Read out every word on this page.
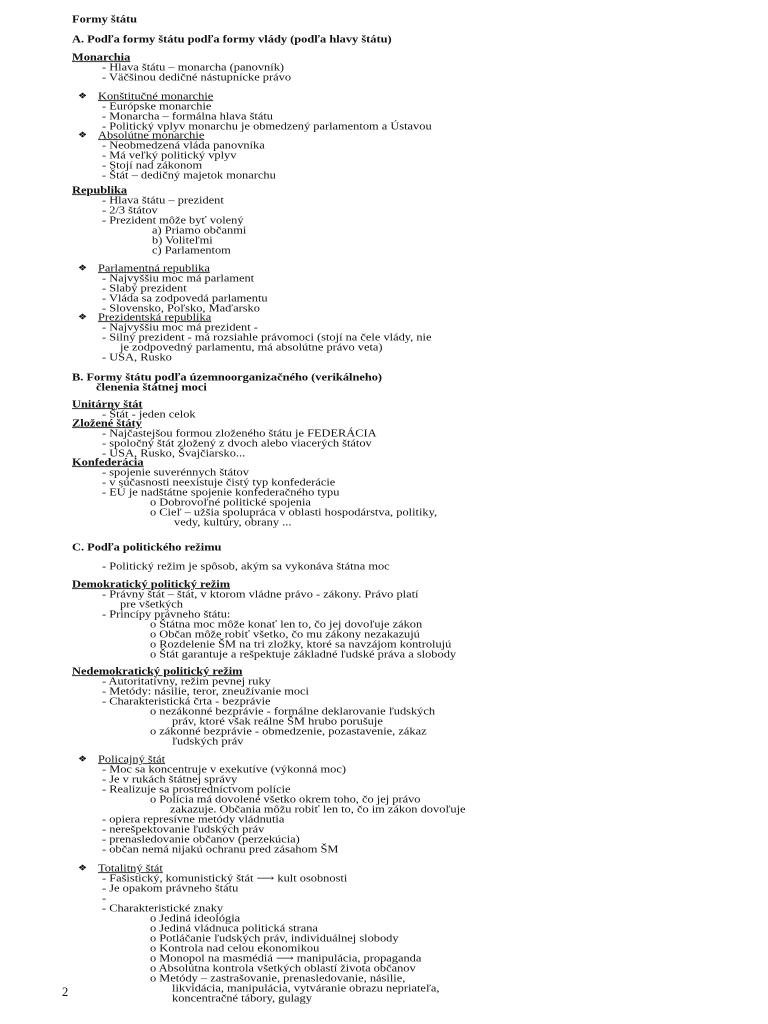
Formy štátu
A. Podľa formy štátu podľa formy vlády (podľa hlavy štátu)
Monarchia
- Hlava štátu – monarcha (panovník)
- Väčšinou dedičné nástupnícke právo
❖ Konštitučné monarchie
- Európske monarchie
- Monarcha – formálna hlava štátu
- Politický vplyv monarchu je obmedzený parlamentom a Ústavou
❖ Absolútne monarchie
- Neobmedzená vláda panovníka
- Má veľký politický vplyv
- Stojí nad zákonom
- Štát – dedičný majetok monarchu
Republika
- Hlava štátu – prezident
- 2/3 štátov
- Prezident môže byť volený
a) Priamo občanmi
b) Voliteľmi
c) Parlamentom
❖ Parlamentná republika
- Najvyššiu moc má parlament
- Slabý prezident
- Vláda sa zodpovedá parlamentu
- Slovensko, Poľsko, Maďarsko
❖ Prezidentská republika
- Najvyššiu moc má prezident -
- Silný prezident - má rozsiahle právomoci (stojí na čele vlády, nie
je zodpovedný parlamentu, má absolútne právo veta)
- USA, Rusko
B. Formy štátu podľa územnoorganizačného (verikálneho)
členenia štátnej moci
Unitárny štát
- Štát - jeden celok
Zložené štáty
- Najčastejšou formou zloženého štátu je FEDERÁCIA
- spoločný štát zložený z dvoch alebo viacerých štátov
- USA, Rusko, Švajčiarsko...
Konfederácia
- spojenie suverénnych štátov
- v súčasnosti neexistuje čistý typ konfederácie
- EÚ je nadštátne spojenie konfederačného typu
o Dobrovoľné politické spojenia
o Cieľ – užšia spolupráca v oblasti hospodárstva, politiky,
vedy, kultúry, obrany ...
C. Podľa politického režimu
- Politický režim je spôsob, akým sa vykonáva štátna moc
Demokratický politický režim
- Právny štát – štát, v ktorom vládne právo - zákony. Právo platí
pre všetkých
- Princípy právneho štátu:
o Štátna moc môže konať len to, čo jej dovoľuje zákon
o Občan môže robiť všetko, čo mu zákony nezakazujú
o Rozdelenie ŠM na tri zložky, ktoré sa navzájom kontrolujú
o Štát garantuje a rešpektuje základné ľudské práva a slobody
Nedemokratický politický režim
- Autoritatívny, režim pevnej ruky
- Metódy: násilie, teror, zneužívanie moci
- Charakteristická črta - bezprávie
o nezákonné bezprávie - formálne deklarovanie ľudských
práv, ktoré však reálne ŠM hrubo porušuje
o zákonné bezprávie - obmedzenie, pozastavenie, zákaz
ľudských práv
❖ Policajný štát
- Moc sa koncentruje v exekutíve (výkonná moc)
- Je v rukách štátnej správy
- Realizuje sa prostredníctvom polície
o Polícia má dovolené všetko okrem toho, čo jej právo
zakazuje. Občania môžu robiť len to, čo im zákon dovoľuje
- opiera represívne metódy vládnutia
- nerešpektovanie ľudských práv
- prenasledovanie občanov (perzekúcia)
- občan nemá nijakú ochranu pred zásahom ŠM
❖ Totalitný štát
- Fašistický, komunistický štát ⟶ kult osobnosti
- Je opakom právneho štátu
-
- Charakteristické znaky
o Jediná ideológia
o Jediná vládnuca politická strana
o Potláčanie ľudských práv, individuálnej slobody
o Kontrola nad celou ekonomikou
o Monopol na masmédiá ⟶ manipulácia, propaganda
o Absolútna kontrola všetkých oblastí života občanov
o Metódy – zastrašovanie, prenasledovanie, násilie,
likvidácia, manipulácia, vytváranie obrazu nepriateľa,
koncentračné tábory, gulagy
2
